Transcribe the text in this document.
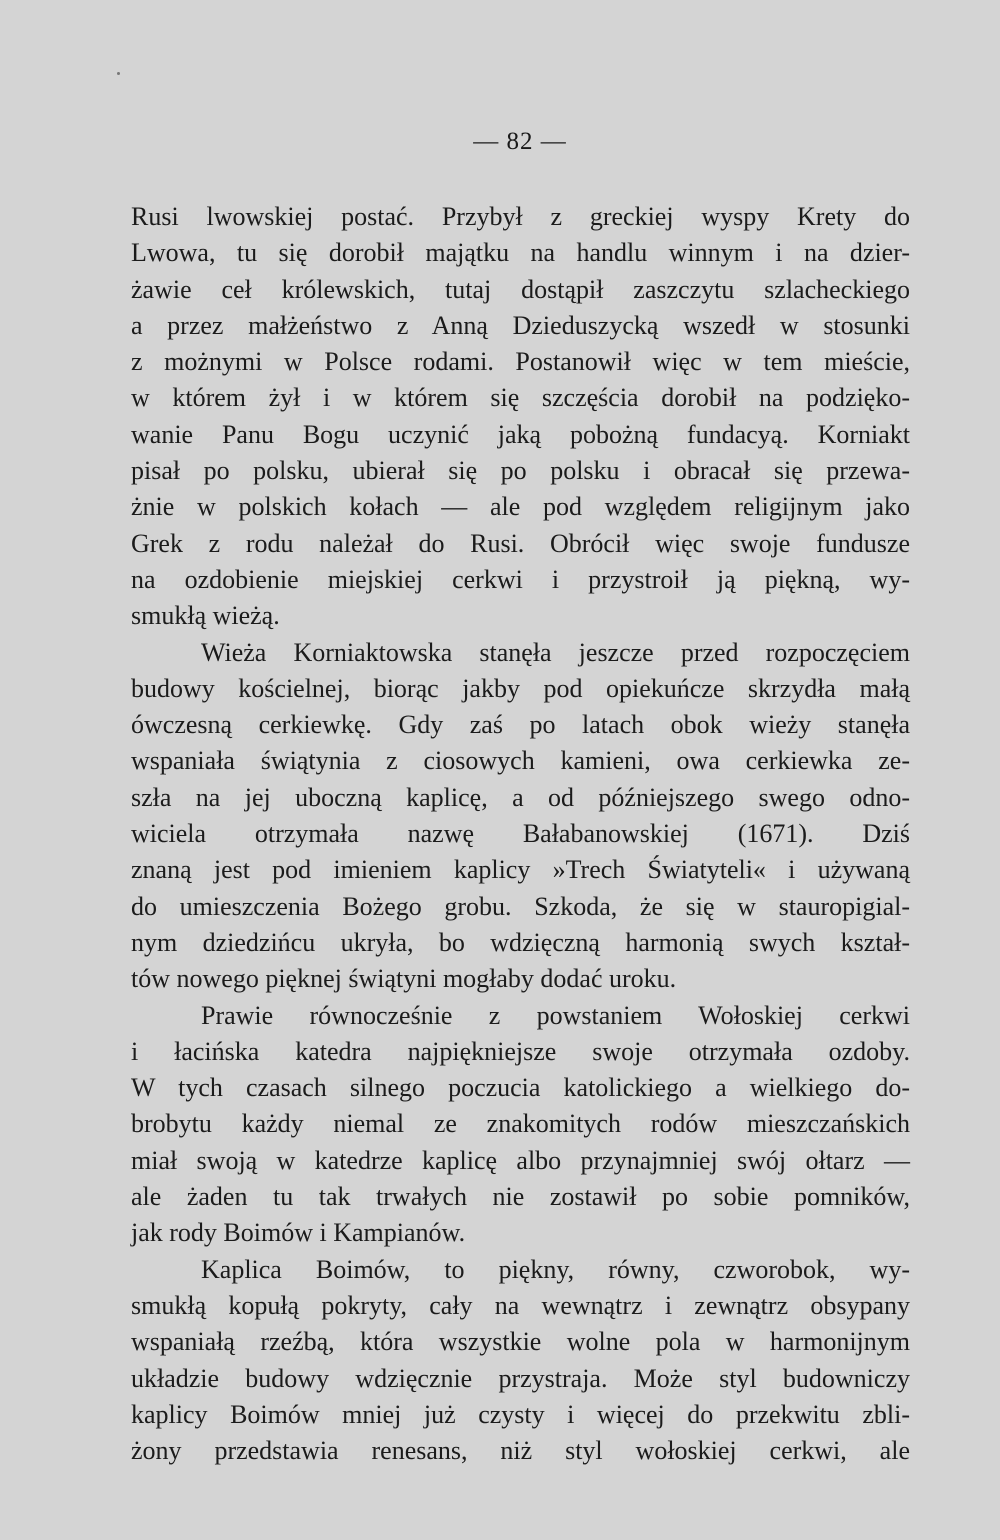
— 82 —
Rusi lwowskiej postać. Przybył z greckiej wyspy Krety do
Lwowa, tu się dorobił majątku na handlu winnym i na dzier-
żawie ceł królewskich, tutaj dostąpił zaszczytu szlacheckiego
a przez małżeństwo z Anną Dzieduszycką wszedł w stosunki
z możnymi w Polsce rodami. Postanowił więc w tem mieście,
w którem żył i w którem się szczęścia dorobił na podzięko-
wanie Panu Bogu uczynić jaką pobożną fundacyą. Korniakt
pisał po polsku, ubierał się po polsku i obracał się przewa-
żnie w polskich kołach — ale pod względem religijnym jako
Grek z rodu należał do Rusi. Obrócił więc swoje fundusze
na ozdobienie miejskiej cerkwi i przystroił ją piękną, wy-
smukłą wieżą.
Wieża Korniaktowska stanęła jeszcze przed rozpoczęciem
budowy kościelnej, biorąc jakby pod opiekuńcze skrzydła małą
ówczesną cerkiewkę. Gdy zaś po latach obok wieży stanęła
wspaniała świątynia z ciosowych kamieni, owa cerkiewka ze-
szła na jej uboczną kaplicę, a od późniejszego swego odno-
wiciela otrzymała nazwę Bałabanowskiej (1671). Dziś
znaną jest pod imieniem kaplicy »Trech Światyteli« i używaną
do umieszczenia Bożego grobu. Szkoda, że się w stauropigial-
nym dziedzińcu ukryła, bo wdzięczną harmonią swych kształ-
tów nowego pięknej świątyni mogłaby dodać uroku.
Prawie równocześnie z powstaniem Wołoskiej cerkwi
i łacińska katedra najpiękniejsze swoje otrzymała ozdoby.
W tych czasach silnego poczucia katolickiego a wielkiego do-
brobytu każdy niemal ze znakomitych rodów mieszczańskich
miał swoją w katedrze kaplicę albo przynajmniej swój ołtarz —
ale żaden tu tak trwałych nie zostawił po sobie pomników,
jak rody Boimów i Kampianów.
Kaplica Boimów, to piękny, równy, czworobok, wy-
smukłą kopułą pokryty, cały na wewnątrz i zewnątrz obsypany
wspaniałą rzeźbą, która wszystkie wolne pola w harmonijnym
układzie budowy wdzięcznie przystraja. Może styl budowniczy
kaplicy Boimów mniej już czysty i więcej do przekwitu zbli-
żony przedstawia renesans, niż styl wołoskiej cerkwi, ale
